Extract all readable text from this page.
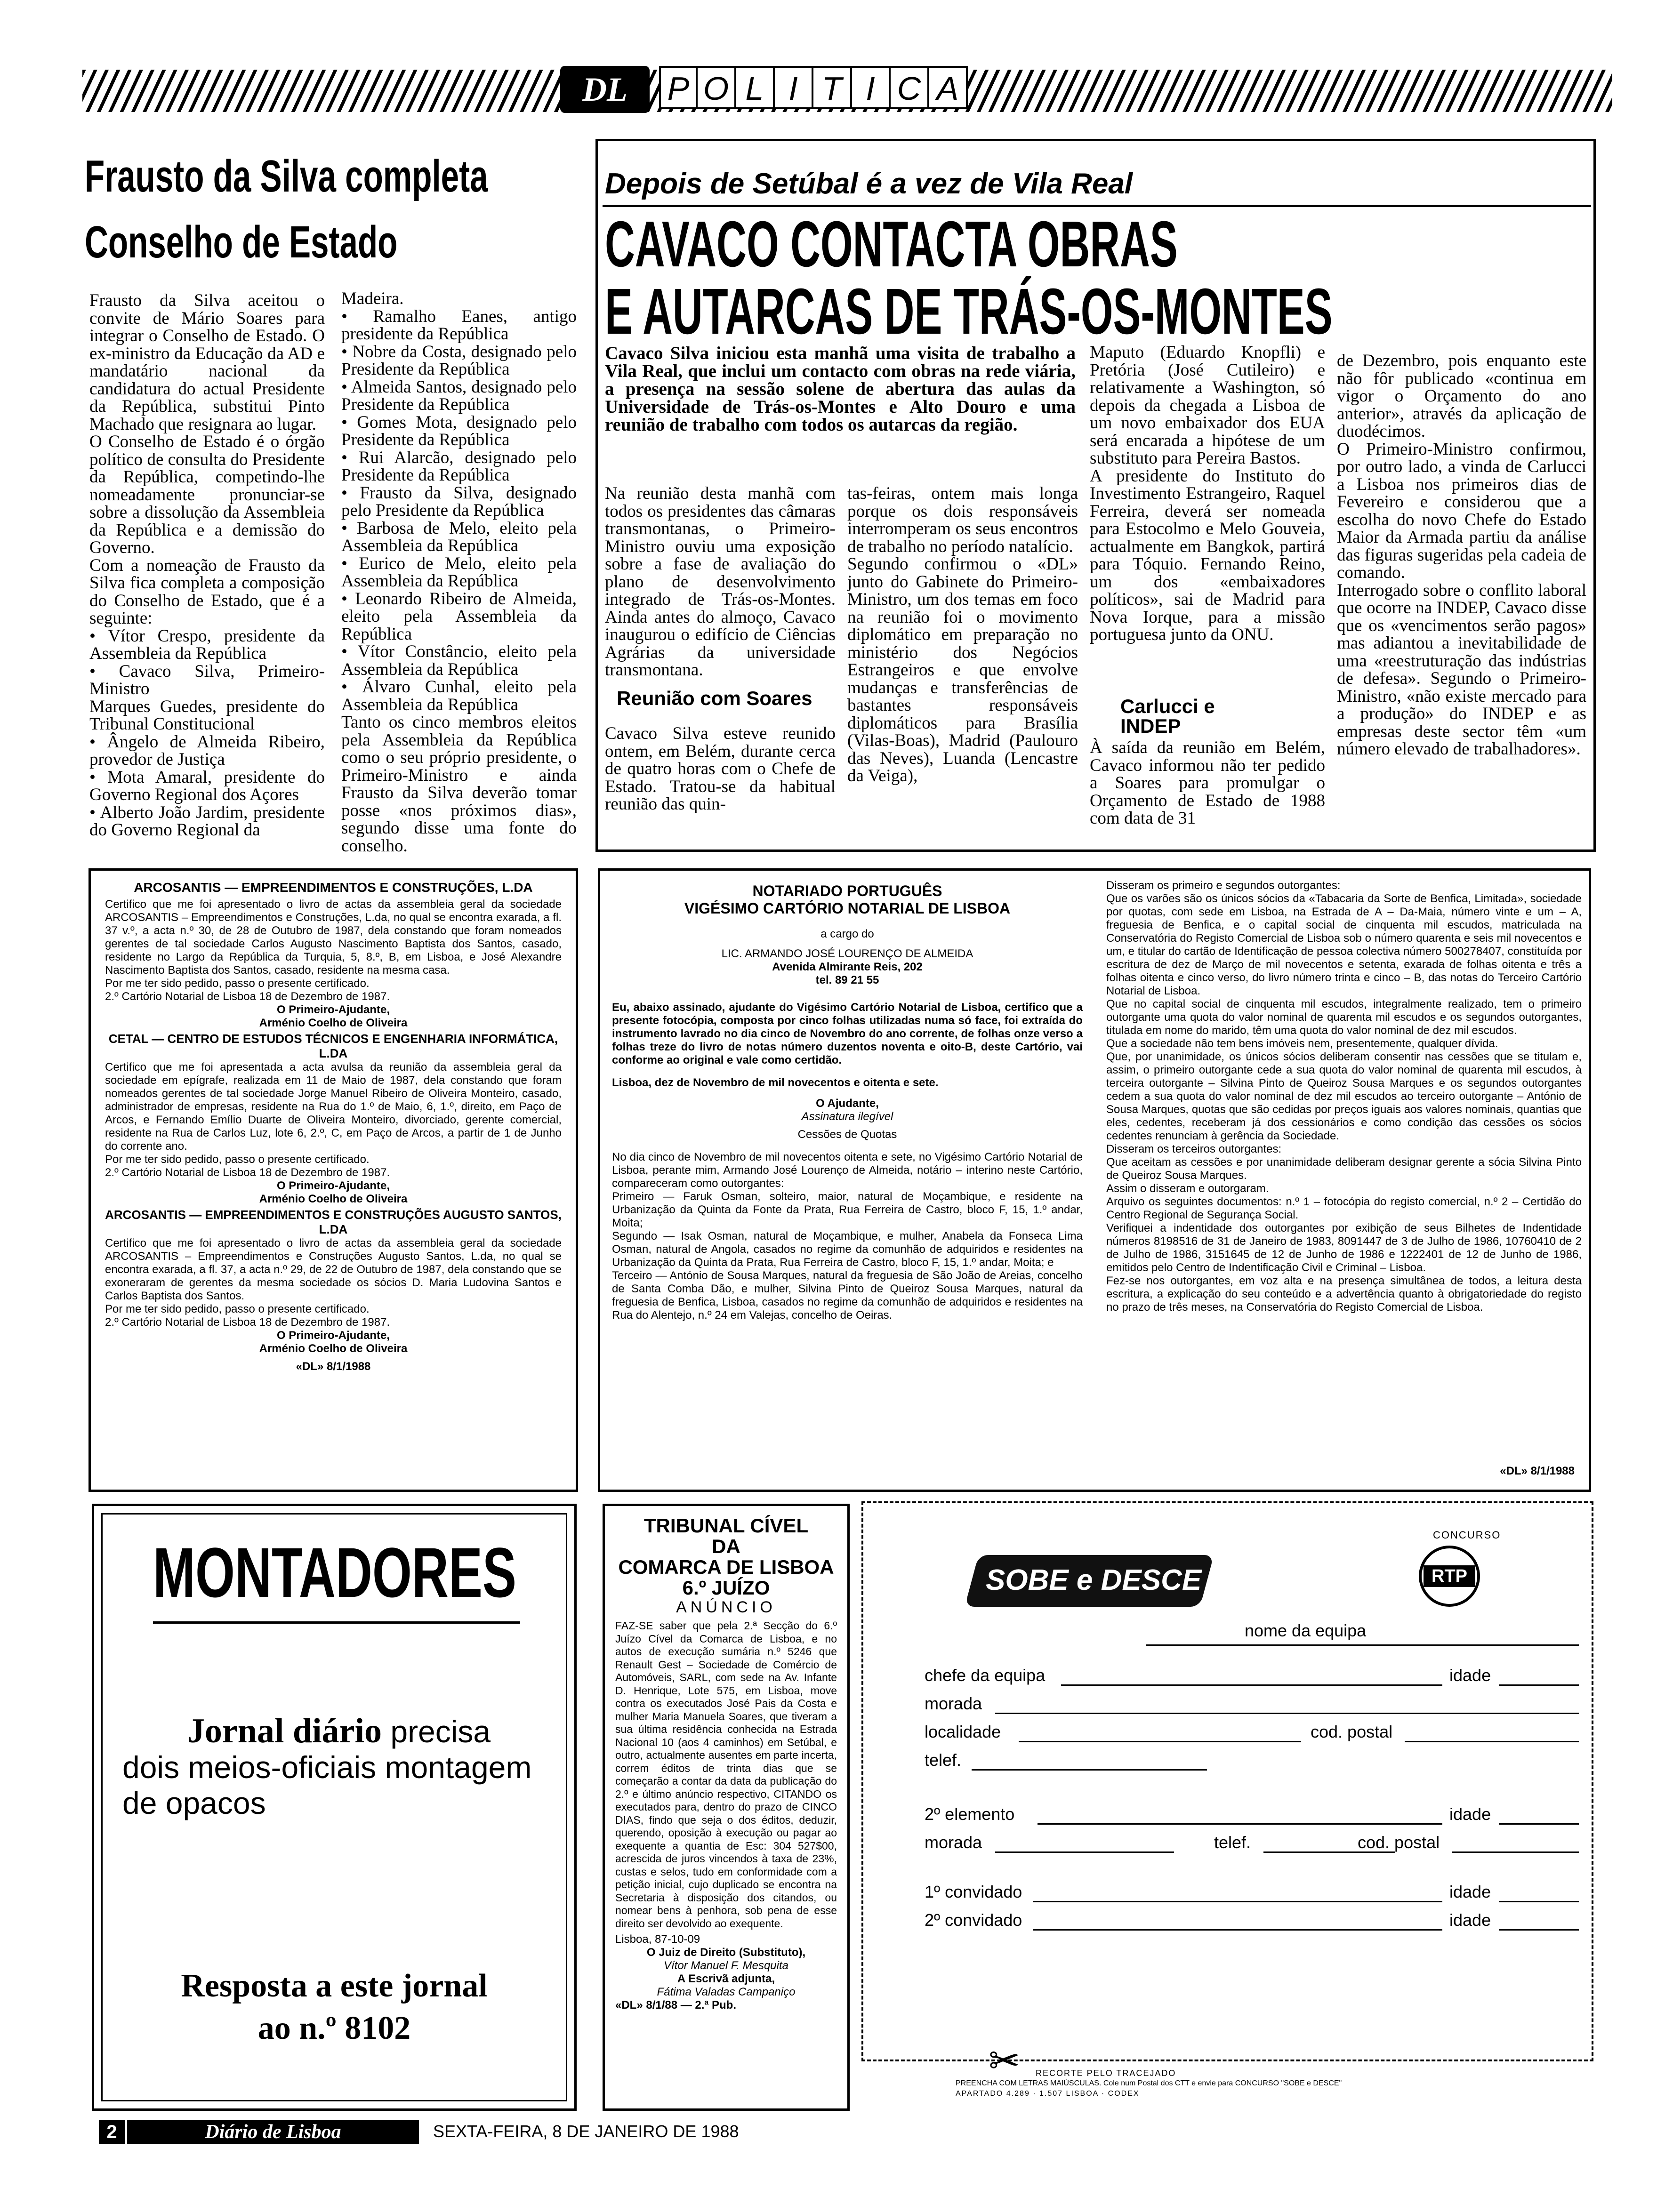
DL	P O L I T I C A
Frausto da Silva completa
Conselho de Estado
Frausto da Silva aceitou o convite de Mário Soares para integrar o Conselho de Estado. O ex-ministro da Educação da AD e mandatário nacional da candidatura do actual Presidente da República, substitui Pinto Machado que resignara ao lugar.
O Conselho de Estado é o órgão político de consulta do Presidente da República, competindo-lhe nomeadamente pronunciar-se sobre a dissolução da Assembleia da República e a demissão do Governo.
Com a nomeação de Frausto da Silva fica completa a composição do Conselho de Estado, que é a seguinte:
• Vítor Crespo, presidente da Assembleia da República
• Cavaco Silva, Primeiro-Ministro
Marques Guedes, presidente do Tribunal Constitucional
• Ângelo de Almeida Ribeiro, provedor de Justiça
• Mota Amaral, presidente do Governo Regional dos Açores
• Alberto João Jardim, presidente do Governo Regional da
Madeira.
• Ramalho Eanes, antigo presidente da República
• Nobre da Costa, designado pelo Presidente da República
• Almeida Santos, designado pelo Presidente da República
• Gomes Mota, designado pelo Presidente da República
• Rui Alarcão, designado pelo Presidente da República
• Frausto da Silva, designado pelo Presidente da República
• Barbosa de Melo, eleito pela Assembleia da República
• Eurico de Melo, eleito pela Assembleia da República
• Leonardo Ribeiro de Almeida, eleito pela Assembleia da República
• Vítor Constâncio, eleito pela Assembleia da República
• Álvaro Cunhal, eleito pela Assembleia da República
Tanto os cinco membros eleitos pela Assembleia da República como o seu próprio presidente, o Primeiro-Ministro e ainda Frausto da Silva deverão tomar posse «nos próximos dias», segundo disse uma fonte do conselho.
Depois de Setúbal é a vez de Vila Real
CAVACO CONTACTA OBRAS
E AUTARCAS DE TRÁS-OS-MONTES
Cavaco Silva iniciou esta manhã uma visita de trabalho a Vila Real, que inclui um contacto com obras na rede viária, a presença na sessão solene de abertura das aulas da Universidade de Trás-os-Montes e Alto Douro e uma reunião de trabalho com todos os autarcas da região.
Na reunião desta manhã com todos os presidentes das câmaras transmontanas, o Primeiro-Ministro ouviu uma exposição sobre a fase de avaliação do plano de desenvolvimento integrado de Trás-os-Montes. Ainda antes do almoço, Cavaco inaugurou o edifício de Ciências Agrárias da universidade transmontana.
Reunião com Soares
Cavaco Silva esteve reunido ontem, em Belém, durante cerca de quatro horas com o Chefe de Estado. Tratou-se da habitual reunião das quin-
tas-feiras, ontem mais longa porque os dois responsáveis interromperam os seus encontros de trabalho no período natalício.
Segundo confirmou o «DL» junto do Gabinete do Primeiro-Ministro, um dos temas em foco na reunião foi o movimento diplomático em preparação no ministério dos Negócios Estrangeiros e que envolve mudanças e transferências de bastantes responsáveis diplomáticos para Brasília (Vilas-Boas), Madrid (Paulouro das Neves), Luanda (Lencastre da Veiga),
Maputo (Eduardo Knopfli) e Pretória (José Cutileiro) e relativamente a Washington, só depois da chegada a Lisboa de um novo embaixador dos EUA será encarada a hipótese de um substituto para Pereira Bastos.
A presidente do Instituto do Investimento Estrangeiro, Raquel Ferreira, deverá ser nomeada para Estocolmo e Melo Gouveia, actualmente em Bangkok, partirá para Tóquio. Fernando Reino, um dos «embaixadores políticos», sai de Madrid para Nova Iorque, para a missão portuguesa junto da ONU.
Carlucci e INDEP
À saída da reunião em Belém, Cavaco informou não ter pedido a Soares para promulgar o Orçamento de Estado de 1988 com data de 31
de Dezembro, pois enquanto este não fôr publicado «continua em vigor o Orçamento do ano anterior», através da aplicação de duodécimos.
O Primeiro-Ministro confirmou, por outro lado, a vinda de Carlucci a Lisboa nos primeiros dias de Fevereiro e considerou que a escolha do novo Chefe do Estado Maior da Armada partiu da análise das figuras sugeridas pela cadeia de comando.
Interrogado sobre o conflito laboral que ocorre na INDEP, Cavaco disse que os «vencimentos serão pagos» mas adiantou a inevitabilidade de uma «reestruturação das indústrias de defesa». Segundo o Primeiro-Ministro, «não existe mercado para a produção» do INDEP e as empresas deste sector têm «um número elevado de trabalhadores».
ARCOSANTIS — EMPREENDIMENTOS E CONSTRUÇÕES, L.DA
Certifico que me foi apresentado o livro de actas da assembleia geral da sociedade ARCOSANTIS – Empreendimentos e Construções, L.da, no qual se encontra exarada, a fl. 37 v.º, a acta n.º 30, de 28 de Outubro de 1987, dela constando que foram nomeados gerentes de tal sociedade Carlos Augusto Nascimento Baptista dos Santos, casado, residente no Largo da República da Turquia, 5, 8.º, B, em Lisboa, e José Alexandre Nascimento Baptista dos Santos, casado, residente na mesma casa.
Por me ter sido pedido, passo o presente certificado.
2.º Cartório Notarial de Lisboa 18 de Dezembro de 1987.
O Primeiro-Ajudante,
Arménio Coelho de Oliveira
CETAL — CENTRO DE ESTUDOS TÉCNICOS E ENGENHARIA INFORMÁTICA, L.DA
Certifico que me foi apresentada a acta avulsa da reunião da assembleia geral da sociedade em epígrafe, realizada em 11 de Maio de 1987, dela constando que foram nomeados gerentes de tal sociedade Jorge Manuel Ribeiro de Oliveira Monteiro, casado, administrador de empresas, residente na Rua do 1.º de Maio, 6, 1.º, direito, em Paço de Arcos, e Fernando Emílio Duarte de Oliveira Monteiro, divorciado, gerente comercial, residente na Rua de Carlos Luz, lote 6, 2.º, C, em Paço de Arcos, a partir de 1 de Junho do corrente ano.
Por me ter sido pedido, passo o presente certificado.
2.º Cartório Notarial de Lisboa 18 de Dezembro de 1987.
O Primeiro-Ajudante,
Arménio Coelho de Oliveira
ARCOSANTIS — EMPREENDIMENTOS E CONSTRUÇÕES AUGUSTO SANTOS, L.DA
Certifico que me foi apresentado o livro de actas da assembleia geral da sociedade ARCOSANTIS – Empreendimentos e Construções Augusto Santos, L.da, no qual se encontra exarada, a fl. 37, a acta n.º 29, de 22 de Outubro de 1987, dela constando que se exoneraram de gerentes da mesma sociedade os sócios D. Maria Ludovina Santos e Carlos Baptista dos Santos.
Por me ter sido pedido, passo o presente certificado.
2.º Cartório Notarial de Lisboa 18 de Dezembro de 1987.
O Primeiro-Ajudante,
Arménio Coelho de Oliveira
«DL» 8/1/1988
NOTARIADO PORTUGUÊS
VIGÉSIMO CARTÓRIO NOTARIAL DE LISBOA
a cargo do
LIC. ARMANDO JOSÉ LOURENÇO DE ALMEIDA
Avenida Almirante Reis, 202
tel. 89 21 55
Eu, abaixo assinado, ajudante do Vigésimo Cartório Notarial de Lisboa, certifico que a presente fotocópia, composta por cinco folhas utilizadas numa só face, foi extraída do instrumento lavrado no dia cinco de Novembro do ano corrente, de folhas onze verso a folhas treze do livro de notas número duzentos noventa e oito-B, deste Cartório, vai conforme ao original e vale como certidão.
Lisboa, dez de Novembro de mil novecentos e oitenta e sete.
O Ajudante,
Assinatura ilegível
Cessões de Quotas
No dia cinco de Novembro de mil novecentos oitenta e sete, no Vigésimo Cartório Notarial de Lisboa, perante mim, Armando José Lourenço de Almeida, notário – interino neste Cartório, compareceram como outorgantes:
Primeiro — Faruk Osman, solteiro, maior, natural de Moçambique, e residente na Urbanização da Quinta da Fonte da Prata, Rua Ferreira de Castro, bloco F, 15, 1.º andar, Moita;
Segundo — Isak Osman, natural de Moçambique, e mulher, Anabela da Fonseca Lima Osman, natural de Angola, casados no regime da comunhão de adquiridos e residentes na Urbanização da Quinta da Prata, Rua Ferreira de Castro, bloco F, 15, 1.º andar, Moita; e
Terceiro — António de Sousa Marques, natural da freguesia de São João de Areias, concelho de Santa Comba Dão, e mulher, Silvina Pinto de Queiroz Sousa Marques, natural da freguesia de Benfica, Lisboa, casados no regime da comunhão de adquiridos e residentes na Rua do Alentejo, n.º 24 em Valejas, concelho de Oeiras.
Disseram os primeiro e segundos outorgantes:
Que os varões são os únicos sócios da «Tabacaria da Sorte de Benfica, Limitada», sociedade por quotas, com sede em Lisboa, na Estrada de A – Da-Maia, número vinte e um – A, freguesia de Benfica, e o capital social de cinquenta mil escudos, matriculada na Conservatória do Registo Comercial de Lisboa sob o número quarenta e seis mil novecentos e um, e titular do cartão de Identificação de pessoa colectiva número 500278407, constituída por escritura de dez de Março de mil novecentos e setenta, exarada de folhas oitenta e três a folhas oitenta e cinco verso, do livro número trinta e cinco – B, das notas do Terceiro Cartório Notarial de Lisboa.
Que no capital social de cinquenta mil escudos, integralmente realizado, tem o primeiro outorgante uma quota do valor nominal de quarenta mil escudos e os segundos outorgantes, titulada em nome do marido, têm uma quota do valor nominal de dez mil escudos.
Que a sociedade não tem bens imóveis nem, presentemente, qualquer dívida.
Que, por unanimidade, os únicos sócios deliberam consentir nas cessões que se titulam e, assim, o primeiro outorgante cede a sua quota do valor nominal de quarenta mil escudos, à terceira outorgante – Silvina Pinto de Queiroz Sousa Marques e os segundos outorgantes cedem a sua quota do valor nominal de dez mil escudos ao terceiro outorgante – António de Sousa Marques, quotas que são cedidas por preços iguais aos valores nominais, quantias que eles, cedentes, receberam já dos cessionários e como condição das cessões os sócios cedentes renunciam à gerência da Sociedade.
Disseram os terceiros outorgantes:
Que aceitam as cessões e por unanimidade deliberam designar gerente a sócia Silvina Pinto de Queiroz Sousa Marques.
Assim o disseram e outorgaram.
Arquivo os seguintes documentos: n.º 1 – fotocópia do registo comercial, n.º 2 – Certidão do Centro Regional de Segurança Social.
Verifiquei a indentidade dos outorgantes por exibição de seus Bilhetes de Indentidade números 8198516 de 31 de Janeiro de 1983, 8091447 de 3 de Julho de 1986, 10760410 de 2 de Julho de 1986, 3151645 de 12 de Junho de 1986 e 1222401 de 12 de Junho de 1986, emitidos pelo Centro de Indentificação Civil e Criminal – Lisboa.
Fez-se nos outorgantes, em voz alta e na presença simultânea de todos, a leitura desta escritura, a explicação do seu conteúdo e a advertência quanto à obrigatoriedade do registo no prazo de três meses, na Conservatória do Registo Comercial de Lisboa.
«DL» 8/1/1988
MONTADORES
Jornal diário precisa
dois meios-oficiais montagem de opacos
Resposta a este jornal
ao n.º 8102
TRIBUNAL CÍVEL
DA
COMARCA DE LISBOA
6.º JUÍZO
ANÚNCIO
FAZ-SE saber que pela 2.ª Secção do 6.º Juízo Cível da Comarca de Lisboa, e no autos de execução sumária n.º 5246 que Renault Gest – Sociedade de Comércio de Automóveis, SARL, com sede na Av. Infante D. Henrique, Lote 575, em Lisboa, move contra os executados José Pais da Costa e mulher Maria Manuela Soares, que tiveram a sua última residência conhecida na Estrada Nacional 10 (aos 4 caminhos) em Setúbal, e outro, actualmente ausentes em parte incerta, correm éditos de trinta dias que se começarão a contar da data da publicação do 2.º e último anúncio respectivo, CITANDO os executados para, dentro do prazo de CINCO DIAS, findo que seja o dos éditos, deduzir, querendo, oposição à execução ou pagar ao exequente a quantia de Esc: 304 527$00, acrescida de juros vincendos à taxa de 23%, custas e selos, tudo em conformidade com a petição inicial, cujo duplicado se encontra na Secretaria à disposição dos citandos, ou nomear bens à penhora, sob pena de esse direito ser devolvido ao exequente.
Lisboa, 87-10-09
O Juiz de Direito (Substituto),
Vítor Manuel F. Mesquita
A Escrivã adjunta,
Fátima Valadas Campaniço
«DL» 8/1/88 — 2.ª Pub.
CONCURSO
SOBE e DESCE	RTP
nome da equipa
chefe da equipa	idade
morada
localidade	cod. postal
telef.
2º elemento	idade
morada	telef.	cod. postal
1º convidado	idade
2º convidado	idade
✂ RECORTE PELO TRACEJADO
PREENCHA COM LETRAS MAIÚSCULAS. Cole num Postal dos CTT e envie para CONCURSO "SOBE e DESCE"
APARTADO 4.289 · 1.507 LISBOA · CODEX
2	Diário de Lisboa	SEXTA-FEIRA, 8 DE JANEIRO DE 1988
